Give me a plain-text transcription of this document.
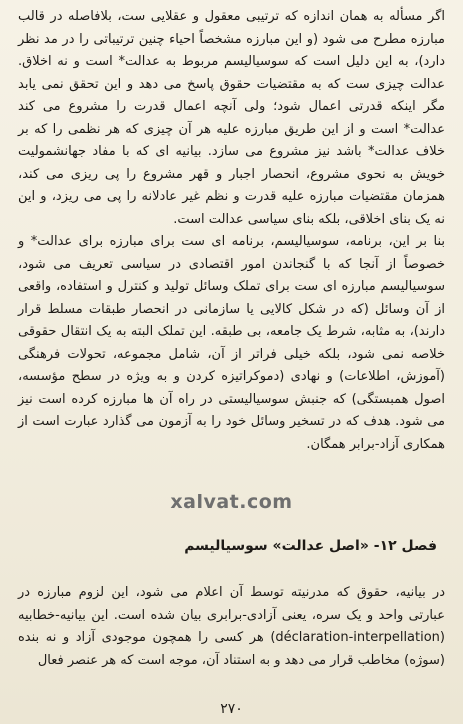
اگر مسأله به همان اندازه که ترتیبی معقول و عقلایی ست، بلافاصله در قالب مبارزه مطرح می شود (و این مبارزه مشخصاً احیاء چنین ترتیباتی را در مد نظر دارد)، به این دلیل است که سوسیالیسم مربوط به عدالت* است و نه اخلاق. عدالت چیزی ست که به مقتضیات حقوق پاسخ می دهد و این تحقق نمی یابد مگر اینکه قدرتی اعمال شود؛ ولی آنچه اعمال قدرت را مشروع می کند عدالت* است و از این طریق مبارزه علیه هر آن چیزی که هر نظمی را که بر خلاف عدالت* باشد نیز مشروع می سازد. بیانیه ای که با مفاد جهانشمولیت خویش به نحوی مشروع، انحصار اجبار و قهر مشروع را پی ریزی می کند، همزمان مقتضیات مبارزه علیه قدرت و نظم غیر عادلانه را پی می ریزد، و این نه یک بنای اخلاقی، بلکه بنای سیاسی عدالت است.

بنا بر این، برنامه، سوسیالیسم، برنامه ای ست برای مبارزه برای عدالت* و خصوصاً از آنجا که با گنجاندن امور اقتصادی در سیاسی تعریف می شود، سوسیالیسم مبارزه ای ست برای تملک وسائل تولید و کنترل و استفاده، واقعی از آن وسائل (که در شکل کالایی یا سازمانی در انحصار طبقات مسلط قرار دارند)، به مثابه، شرط یک جامعه، بی طبقه. این تملک البته به یک انتقال حقوقی خلاصه نمی شود، بلکه خیلی فراتر از آن، شامل مجموعه، تحولات فرهنگی (آموزش، اطلاعات) و نهادی (دموکراتیزه کردن و به ویژه در سطح مؤسسه، اصول همبستگی) که جنبش سوسیالیستی در راه آن ها مبارزه کرده است نیز می شود. هدف که در تسخیر وسائل خود را به آزمون می گذارد عبارت است از همکاری آزاد-برابر همگان.

xalvat.com
فصل ۱۲- «اصل عدالت» سوسیالیسم

در بیانیه، حقوق که مدرنیته توسط آن اعلام می شود، این لزوم مبارزه در عبارتی واحد و یک سره، یعنی آزادی-برابری بیان شده است. این بیانیه-خطابیه (déclaration-interpellation) هر کسی را همچون موجودی آزاد و نه بنده (سوژه) مخاطب قرار می دهد و به استناد آن، موجه است که هر عنصر فعال

۲۷۰
